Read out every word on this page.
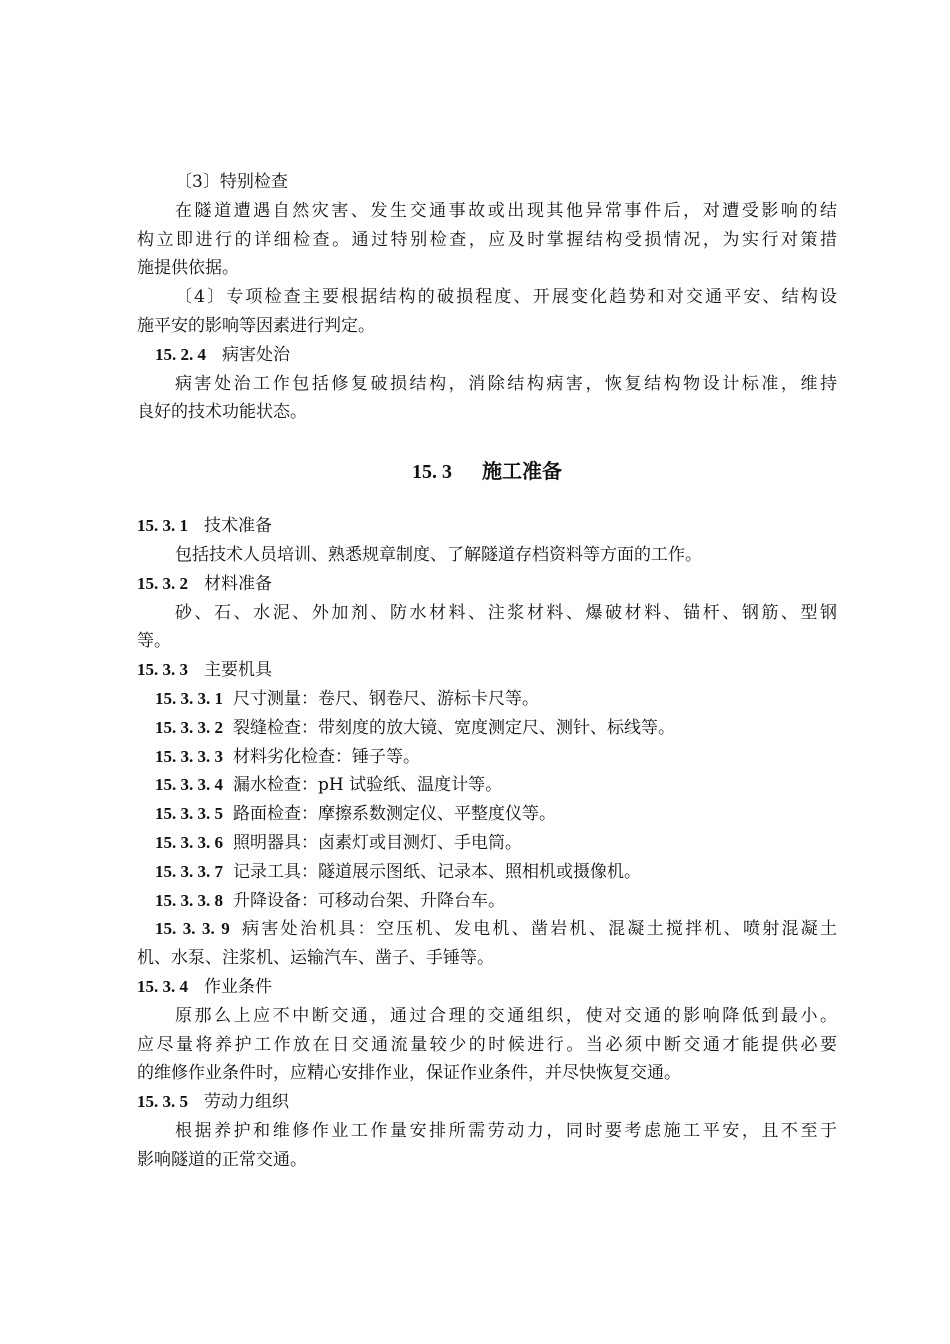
〔3〕特别检查
在隧道遭遇自然灾害、发生交通事故或出现其他异常事件后，对遭受影响的结
构立即进行的详细检查。通过特别检查，应及时掌握结构受损情况，为实行对策措
施提供依据。
〔4〕专项检查主要根据结构的破损程度、开展变化趋势和对交通平安、结构设
施平安的影响等因素进行判定。
15. 2. 4 病害处治
病害处治工作包括修复破损结构，消除结构病害，恢复结构物设计标准，维持
良好的技术功能状态。
15. 3 施工准备
15. 3. 1 技术准备
包括技术人员培训、熟悉规章制度、了解隧道存档资料等方面的工作。
15. 3. 2 材料准备
砂、石、水泥、外加剂、防水材料、注浆材料、爆破材料、锚杆、钢筋、型钢
等。
15. 3. 3 主要机具
15. 3. 3. 1 尺寸测量：卷尺、钢卷尺、游标卡尺等。
15. 3. 3. 2 裂缝检查：带刻度的放大镜、宽度测定尺、测针、标线等。
15. 3. 3. 3 材料劣化检查：锤子等。
15. 3. 3. 4 漏水检查：pH 试验纸、温度计等。
15. 3. 3. 5 路面检查：摩擦系数测定仪、平整度仪等。
15. 3. 3. 6 照明器具：卤素灯或目测灯、手电筒。
15. 3. 3. 7 记录工具：隧道展示图纸、记录本、照相机或摄像机。
15. 3. 3. 8 升降设备：可移动台架、升降台车。
15. 3. 3. 9 病害处治机具：空压机、发电机、凿岩机、混凝土搅拌机、喷射混凝土
机、水泵、注浆机、运输汽车、凿子、手锤等。
15. 3. 4 作业条件
原那么上应不中断交通，通过合理的交通组织，使对交通的影响降低到最小。
应尽量将养护工作放在日交通流量较少的时候进行。当必须中断交通才能提供必要
的维修作业条件时，应精心安排作业，保证作业条件，并尽快恢复交通。
15. 3. 5 劳动力组织
根据养护和维修作业工作量安排所需劳动力，同时要考虑施工平安，且不至于
影响隧道的正常交通。
